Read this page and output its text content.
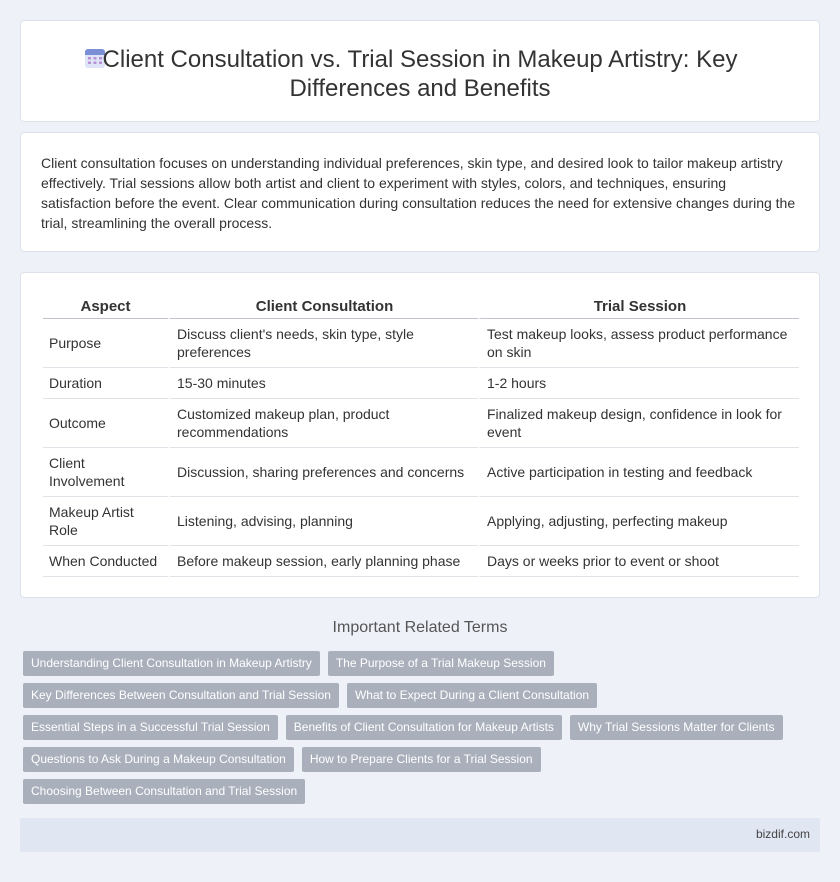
Client Consultation vs. Trial Session in Makeup Artistry: Key Differences and Benefits

Client consultation focuses on understanding individual preferences, skin type, and desired look to tailor makeup artistry effectively. Trial sessions allow both artist and client to experiment with styles, colors, and techniques, ensuring satisfaction before the event. Clear communication during consultation reduces the need for extensive changes during the trial, streamlining the overall process.

Aspect	Client Consultation	Trial Session
Purpose	Discuss client's needs, skin type, style preferences	Test makeup looks, assess product performance on skin
Duration	15-30 minutes	1-2 hours
Outcome	Customized makeup plan, product recommendations	Finalized makeup design, confidence in look for event
Client Involvement	Discussion, sharing preferences and concerns	Active participation in testing and feedback
Makeup Artist Role	Listening, advising, planning	Applying, adjusting, perfecting makeup
When Conducted	Before makeup session, early planning phase	Days or weeks prior to event or shoot
Important Related Terms
Understanding Client Consultation in Makeup Artistry The Purpose of a Trial Makeup Session
Key Differences Between Consultation and Trial Session What to Expect During a Client Consultation
Essential Steps in a Successful Trial Session Benefits of Client Consultation for Makeup Artists Why Trial Sessions Matter for Clients
Questions to Ask During a Makeup Consultation How to Prepare Clients for a Trial Session
Choosing Between Consultation and Trial Session
bizdif.com
